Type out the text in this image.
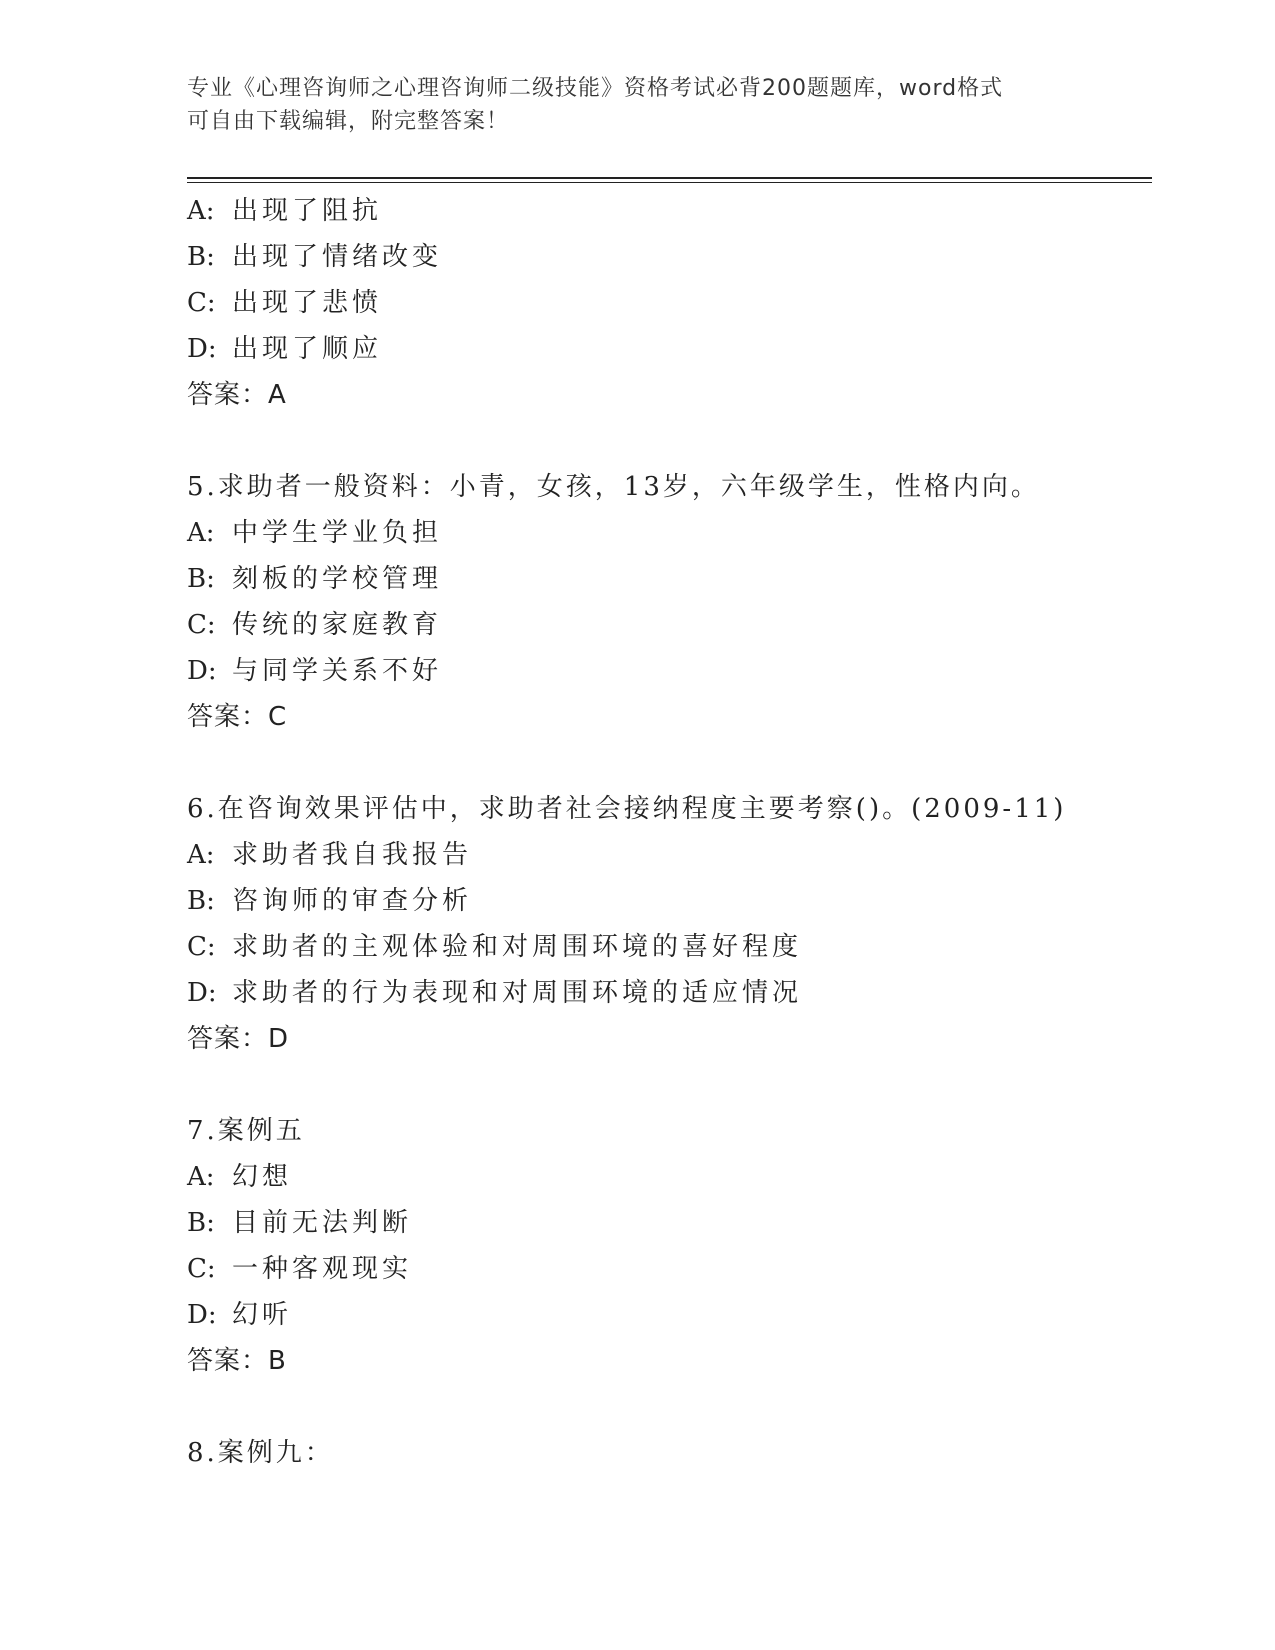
专业《心理咨询师之心理咨询师二级技能》资格考试必背200题题库，word格式
可自由下载编辑，附完整答案！
A: 出现了阻抗
B: 出现了情绪改变
C: 出现了悲愤
D: 出现了顺应
答案：A
5.求助者一般资料：小青，女孩，13岁，六年级学生，性格内向。
A: 中学生学业负担
B: 刻板的学校管理
C: 传统的家庭教育
D: 与同学关系不好
答案：C
6.在咨询效果评估中，求助者社会接纳程度主要考察()。(2009-11)
A: 求助者我自我报告
B: 咨询师的审查分析
C: 求助者的主观体验和对周围环境的喜好程度
D: 求助者的行为表现和对周围环境的适应情况
答案：D
7.案例五
A: 幻想
B: 目前无法判断
C: 一种客观现实
D: 幻听
答案：B
8.案例九：
